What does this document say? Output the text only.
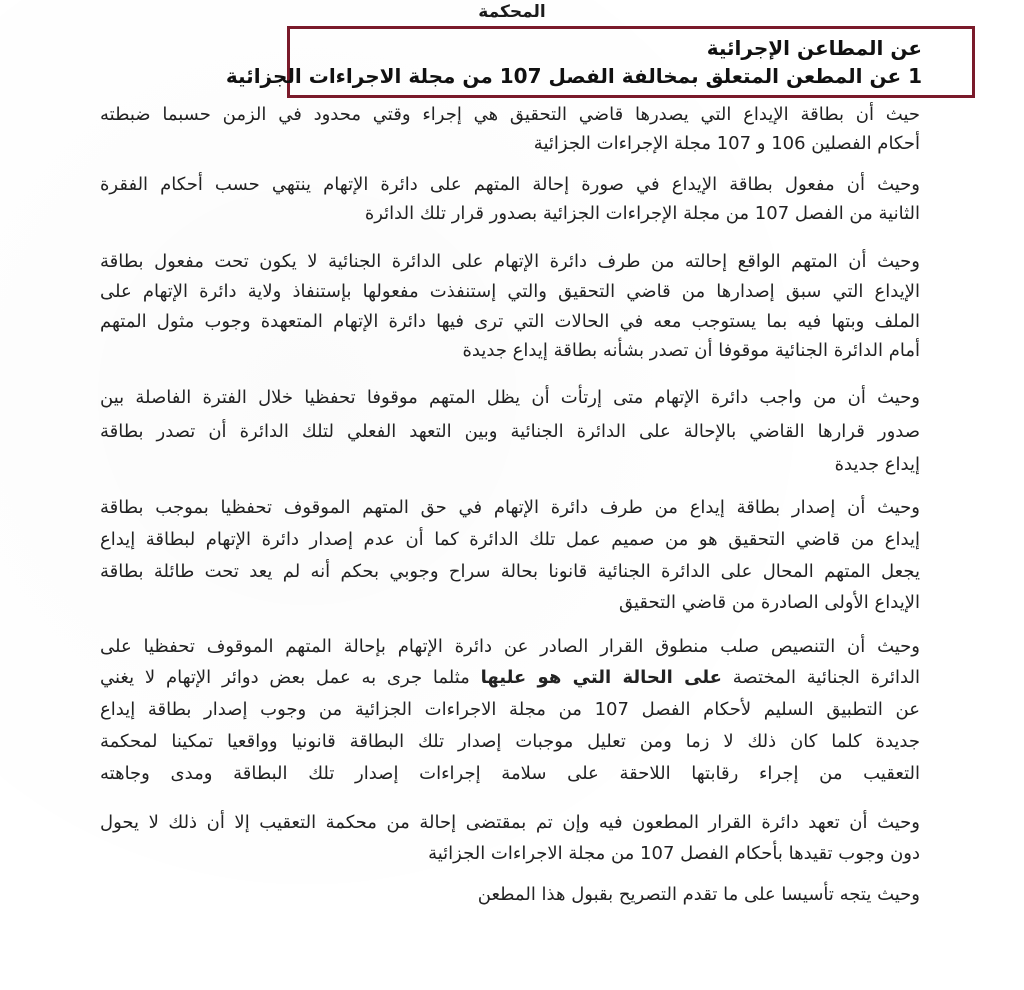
المحكمة
عن المطاعن الإجرائية
1 عن المطعن المتعلق بمخالفة الفصل 107 من مجلة الاجراءات الجزائية
حيث أن بطاقة الإيداع التي يصدرها قاضي التحقيق هي إجراء وقتي محدود في الزمن حسبما ضبطته
أحكام الفصلين 106 و 107 مجلة الإجراءات الجزائية
وحيث أن مفعول بطاقة الإيداع في صورة إحالة المتهم على دائرة الإتهام ينتهي حسب أحكام الفقرة
الثانية من الفصل 107 من مجلة الإجراءات الجزائية بصدور قرار تلك الدائرة
وحيث أن المتهم الواقع إحالته من طرف دائرة الإتهام على الدائرة الجنائية لا يكون تحت مفعول بطاقة
الإيداع التي سبق إصدارها من قاضي التحقيق والتي إستنفذت مفعولها بإستنفاذ ولاية دائرة الإتهام على
الملف وبتها فيه بما يستوجب معه في الحالات التي ترى فيها دائرة الإتهام المتعهدة وجوب مثول المتهم
أمام الدائرة الجنائية موقوفا أن تصدر بشأنه بطاقة إيداع جديدة
وحيث أن من واجب دائرة الإتهام متى إرتأت أن يظل المتهم موقوفا تحفظيا خلال الفترة الفاصلة بين
صدور قرارها القاضي بالإحالة على الدائرة الجنائية وبين التعهد الفعلي لتلك الدائرة أن تصدر بطاقة
إيداع جديدة
وحيث أن إصدار بطاقة إيداع من طرف دائرة الإتهام في حق المتهم الموقوف تحفظيا بموجب بطاقة
إيداع من قاضي التحقيق هو من صميم عمل تلك الدائرة كما أن عدم إصدار دائرة الإتهام لبطاقة إيداع
يجعل المتهم المحال على الدائرة الجنائية قانونا بحالة سراح وجوبي بحكم أنه لم يعد تحت طائلة بطاقة
الإيداع الأولى الصادرة من قاضي التحقيق
وحيث أن التنصيص صلب منطوق القرار الصادر عن دائرة الإتهام بإحالة المتهم الموقوف تحفظيا على
الدائرة الجنائية المختصة على الحالة التي هو عليها مثلما جرى به عمل بعض دوائر الإتهام لا يغني
عن التطبيق السليم لأحكام الفصل 107 من مجلة الاجراءات الجزائية من وجوب إصدار بطاقة إيداع
جديدة كلما كان ذلك لا زما ومن تعليل موجبات إصدار تلك البطاقة قانونيا وواقعيا تمكينا لمحكمة
التعقيب من إجراء رقابتها اللاحقة على سلامة إجراءات إصدار تلك البطاقة ومدى وجاهته
وحيث أن تعهد دائرة القرار المطعون فيه وإن تم بمقتضى إحالة من محكمة التعقيب إلا أن ذلك لا يحول
دون وجوب تقيدها بأحكام الفصل 107 من مجلة الاجراءات الجزائية
وحيث يتجه تأسيسا على ما تقدم التصريح بقبول هذا المطعن
